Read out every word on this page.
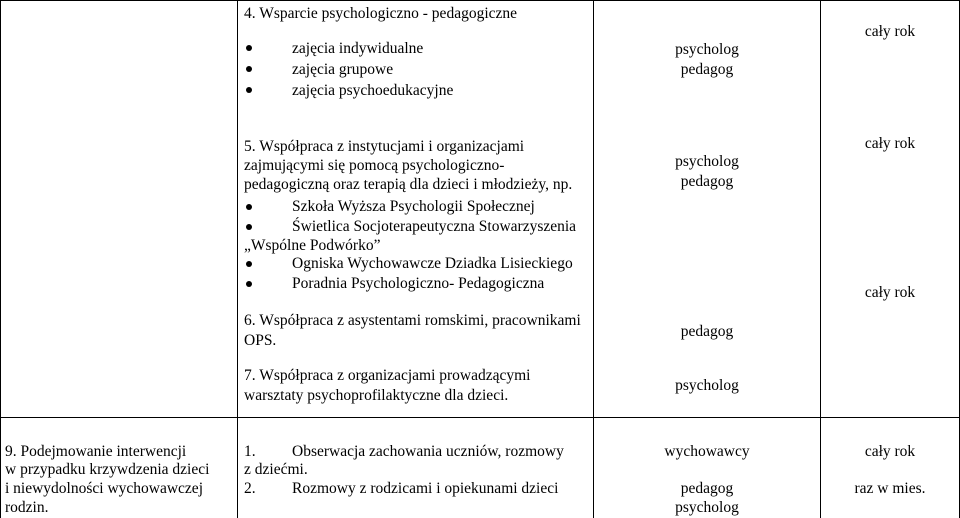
4. Wsparcie psychologiczno - pedagogiczne
zajęcia indywidualne
zajęcia grupowe
zajęcia psychoedukacyjne
psycholog
pedagog
cały rok
5. Współpraca z instytucjami i organizacjami
zajmującymi się pomocą psychologiczno-
pedagogiczną oraz terapią dla dzieci i młodzieży, np.
Szkoła Wyższa Psychologii Społecznej
Świetlica Socjoterapeutyczna Stowarzyszenia
„Wspólne Podwórko”
Ogniska Wychowawcze Dziadka Lisieckiego
Poradnia Psychologiczno- Pedagogiczna
psycholog
pedagog
cały rok
6. Współpraca z asystentami romskimi, pracownikami
OPS.
pedagog
cały rok
7. Współpraca z organizacjami prowadzącymi
warsztaty psychoprofilaktyczne dla dzieci.
psycholog
9. Podejmowanie interwencji
w przypadku krzywdzenia dzieci
i niewydolności wychowawczej
rodzin.
1. Obserwacja zachowania uczniów, rozmowy
z dziećmi.
2. Rozmowy z rodzicami i opiekunami dzieci
wychowawcy
pedagog
psycholog
cały rok
raz w mies.
